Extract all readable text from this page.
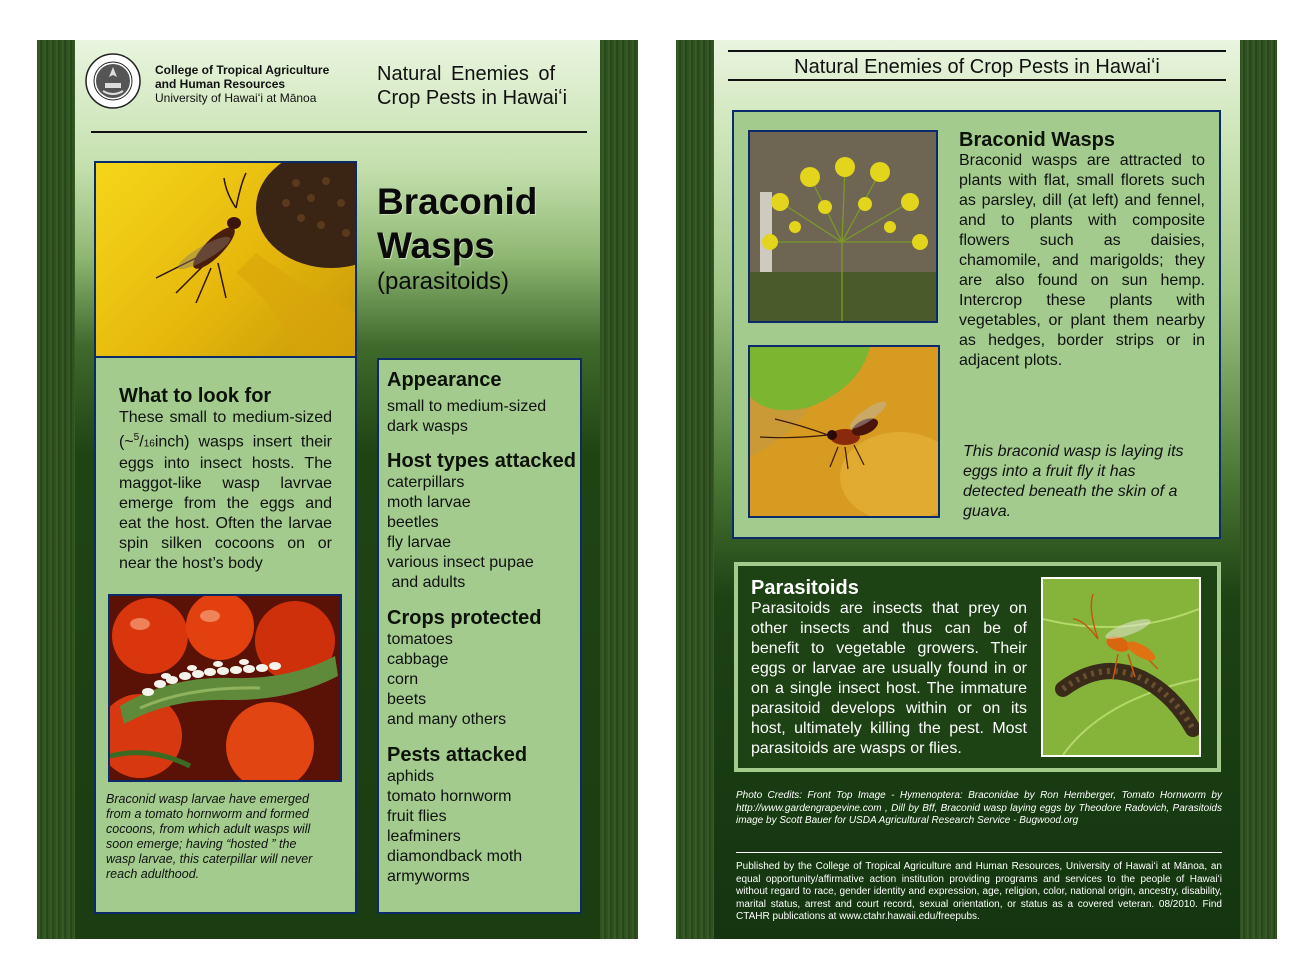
College of Tropical Agriculture
and Human Resources
University of Hawaiʻi at Mānoa
Natural Enemies of
Crop Pests in Hawaiʻi
Braconid
Wasps
(parasitoids)
What to look for
These small to medium-sized (~$^5$/16inch) wasps insert their eggs into insect hosts. The maggot-like wasp lavrvae emerge from the eggs and eat the host. Often the larvae spin silken cocoons on or near the host’s body
Braconid wasp larvae have emerged from a tomato hornworm and formed cocoons, from which adult wasps will soon emerge; having “hosted ” the wasp larvae, this caterpillar will never reach adulthood.
Appearance
small to medium-sized
dark wasps
Host types attacked
caterpillars
moth larvae
beetles
fly larvae
various insect pupae
and adults
Crops protected
tomatoes
cabbage
corn
beets
and many others
Pests attacked
aphids
tomato hornworm
fruit flies
leafminers
diamondback moth
armyworms
Natural Enemies of Crop Pests in Hawaiʻi
Braconid Wasps
Braconid wasps are attracted to plants with flat, small florets such as parsley, dill (at left) and fennel, and to plants with composite flowers such as daisies, chamomile, and marigolds; they are also found on sun hemp. Intercrop these plants with vegetables, or plant them nearby as hedges, border strips or in adjacent plots.
This braconid wasp is laying its eggs into a fruit fly it has detected beneath the skin of a guava.
Parasitoids
Parasitoids are insects that prey on other insects and thus can be of benefit to vegetable growers. Their eggs or larvae are usually found in or on a single insect host. The immature parasitoid develops within or on its host, ultimately killing the pest. Most parasitoids are wasps or flies.
Photo Credits: Front Top Image - Hymenoptera: Braconidae by Ron Hemberger, Tomato Hornworm by http://www.gardengrapevine.com , Dill by Bff, Braconid wasp laying eggs by Theodore Radovich, Parasitoids image by Scott Bauer for USDA Agricultural Research Service - Bugwood.org
Published by the College of Tropical Agriculture and Human Resources, University of Hawaiʻi at Mānoa, an equal opportunity/affirmative action institution providing programs and services to the people of Hawaiʻi without regard to race, gender identity and expression, age, religion, color, national origin, ancestry, disability, marital status, arrest and court record, sexual orientation, or status as a covered veteran. 08/2010. Find CTAHR publications at www.ctahr.hawaii.edu/freepubs.
